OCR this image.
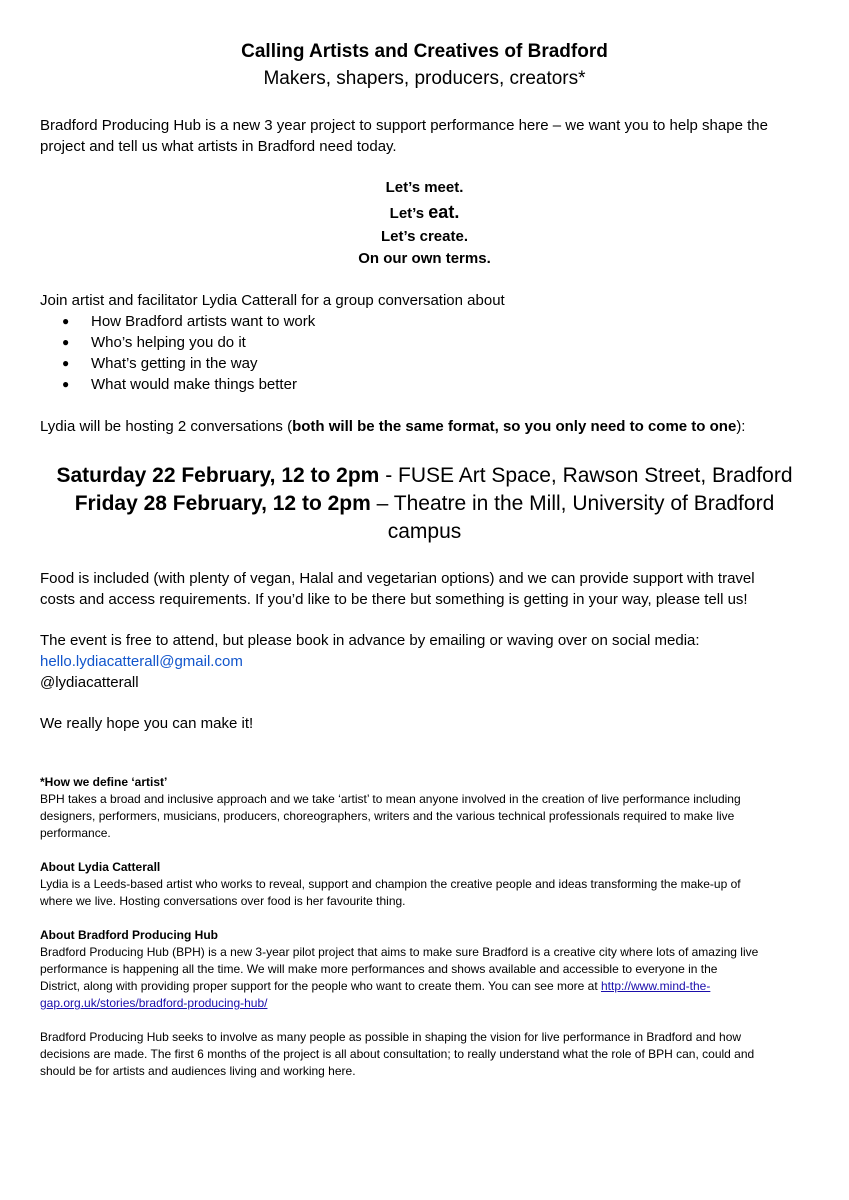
Calling Artists and Creatives of Bradford
Makers, shapers, producers, creators*
Bradford Producing Hub is a new 3 year project to support performance here – we want you to help shape the
project and tell us what artists in Bradford need today.
Let’s meet.
Let’s eat.
Let’s create.
On our own terms.
Join artist and facilitator Lydia Catterall for a group conversation about
● How Bradford artists want to work
● Who’s helping you do it
● What’s getting in the way
● What would make things better
Lydia will be hosting 2 conversations (both will be the same format, so you only need to come to one):
Saturday 22 February, 12 to 2pm - FUSE Art Space, Rawson Street, Bradford
Friday 28 February, 12 to 2pm – Theatre in the Mill, University of Bradford
campus
Food is included (with plenty of vegan, Halal and vegetarian options) and we can provide support with travel
costs and access requirements. If you’d like to be there but something is getting in your way, please tell us!
The event is free to attend, but please book in advance by emailing or waving over on social media:
hello.lydiacatterall@gmail.com
@lydiacatterall
We really hope you can make it!
*How we define ‘artist’
BPH takes a broad and inclusive approach and we take ‘artist’ to mean anyone involved in the creation of live performance including
designers, performers, musicians, producers, choreographers, writers and the various technical professionals required to make live
performance.
About Lydia Catterall
Lydia is a Leeds-based artist who works to reveal, support and champion the creative people and ideas transforming the make-up of
where we live. Hosting conversations over food is her favourite thing.
About Bradford Producing Hub
Bradford Producing Hub (BPH) is a new 3-year pilot project that aims to make sure Bradford is a creative city where lots of amazing live
performance is happening all the time. We will make more performances and shows available and accessible to everyone in the
District, along with providing proper support for the people who want to create them. You can see more at http://www.mind-the-
gap.org.uk/stories/bradford-producing-hub/
Bradford Producing Hub seeks to involve as many people as possible in shaping the vision for live performance in Bradford and how
decisions are made. The first 6 months of the project is all about consultation; to really understand what the role of BPH can, could and
should be for artists and audiences living and working here.
